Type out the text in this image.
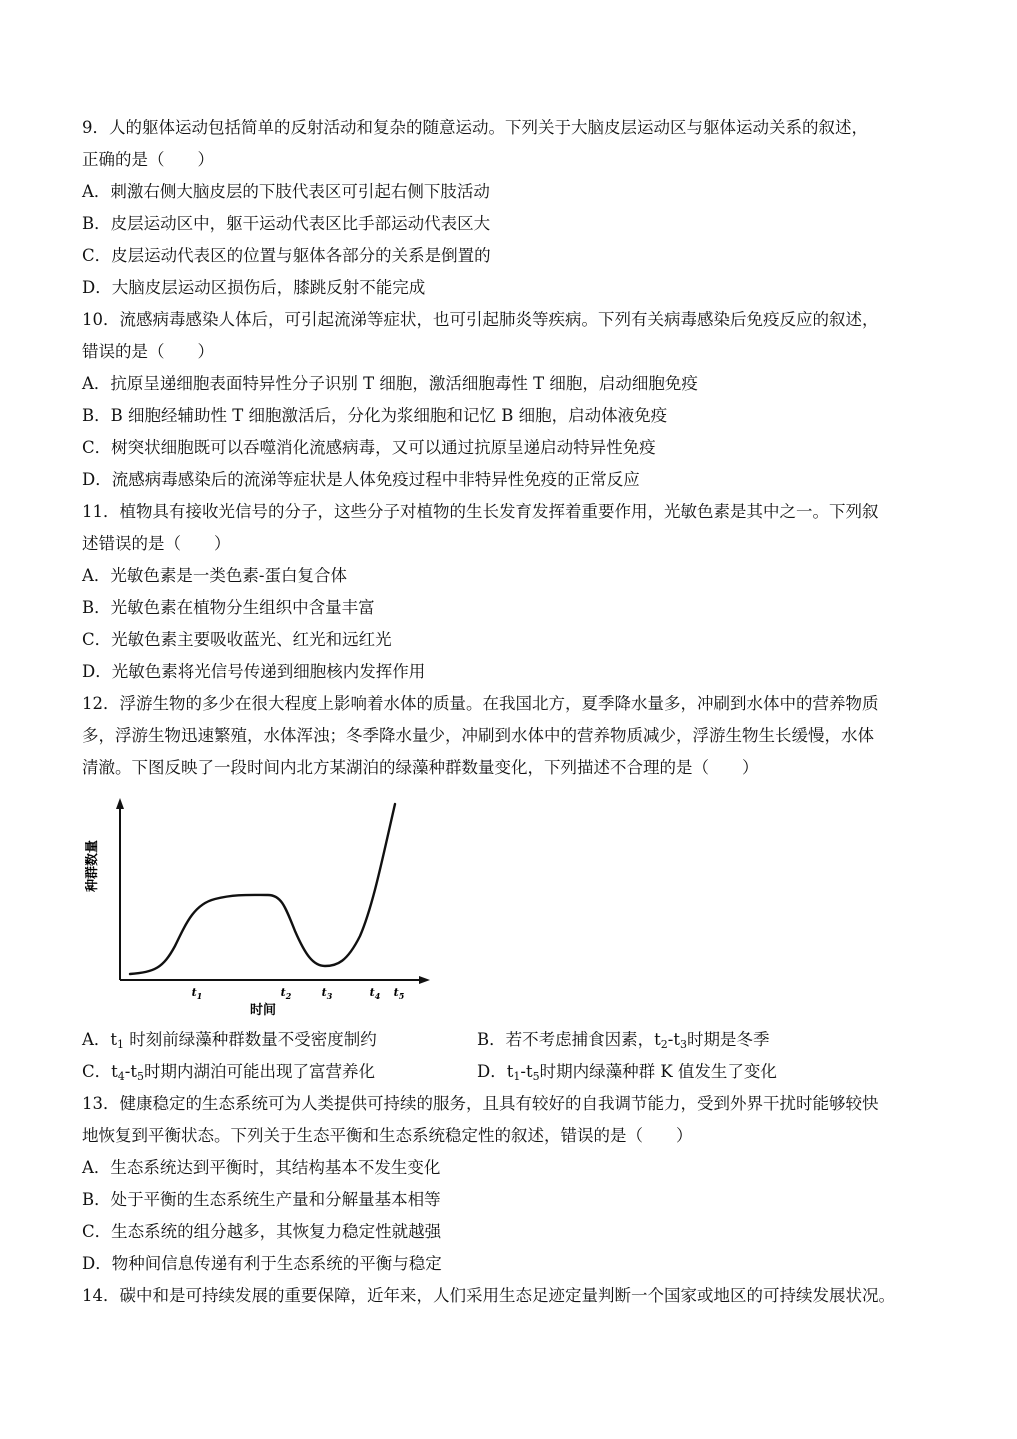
9．人的躯体运动包括简单的反射活动和复杂的随意运动。下列关于大脑皮层运动区与躯体运动关系的叙述，
正确的是（　　）
A．刺激右侧大脑皮层的下肢代表区可引起右侧下肢活动
B．皮层运动区中，躯干运动代表区比手部运动代表区大
C．皮层运动代表区的位置与躯体各部分的关系是倒置的
D．大脑皮层运动区损伤后，膝跳反射不能完成
10．流感病毒感染人体后，可引起流涕等症状，也可引起肺炎等疾病。下列有关病毒感染后免疫反应的叙述，
错误的是（　　）
A．抗原呈递细胞表面特异性分子识别 T 细胞，激活细胞毒性 T 细胞，启动细胞免疫
B．B 细胞经辅助性 T 细胞激活后，分化为浆细胞和记忆 B 细胞，启动体液免疫
C．树突状细胞既可以吞噬消化流感病毒，又可以通过抗原呈递启动特异性免疫
D．流感病毒感染后的流涕等症状是人体免疫过程中非特异性免疫的正常反应
11．植物具有接收光信号的分子，这些分子对植物的生长发育发挥着重要作用，光敏色素是其中之一。下列叙
述错误的是（　　）
A．光敏色素是一类色素-蛋白复合体
B．光敏色素在植物分生组织中含量丰富
C．光敏色素主要吸收蓝光、红光和远红光
D．光敏色素将光信号传递到细胞核内发挥作用
12．浮游生物的多少在很大程度上影响着水体的质量。在我国北方，夏季降水量多，冲刷到水体中的营养物质
多，浮游生物迅速繁殖，水体浑浊；冬季降水量少，冲刷到水体中的营养物质减少，浮游生物生长缓慢，水体
清澈。下图反映了一段时间内北方某湖泊的绿藻种群数量变化，下列描述不合理的是（　　）
种群数量
时间
$t_1$	$t_2$	$t_3$	$t_4$ $t_5$
A．$t_1$ 时刻前绿藻种群数量不受密度制约	B．若不考虑捕食因素，$t_2-t_3$时期是冬季
C．$t_4-t_5$时期内湖泊可能出现了富营养化	D．$t_1-t_5$时期内绿藻种群 K 值发生了变化
13．健康稳定的生态系统可为人类提供可持续的服务，且具有较好的自我调节能力，受到外界干扰时能够较快
地恢复到平衡状态。下列关于生态平衡和生态系统稳定性的叙述，错误的是（　　）
A．生态系统达到平衡时，其结构基本不发生变化
B．处于平衡的生态系统生产量和分解量基本相等
C．生态系统的组分越多，其恢复力稳定性就越强
D．物种间信息传递有利于生态系统的平衡与稳定
14．碳中和是可持续发展的重要保障，近年来，人们采用生态足迹定量判断一个国家或地区的可持续发展状况。
